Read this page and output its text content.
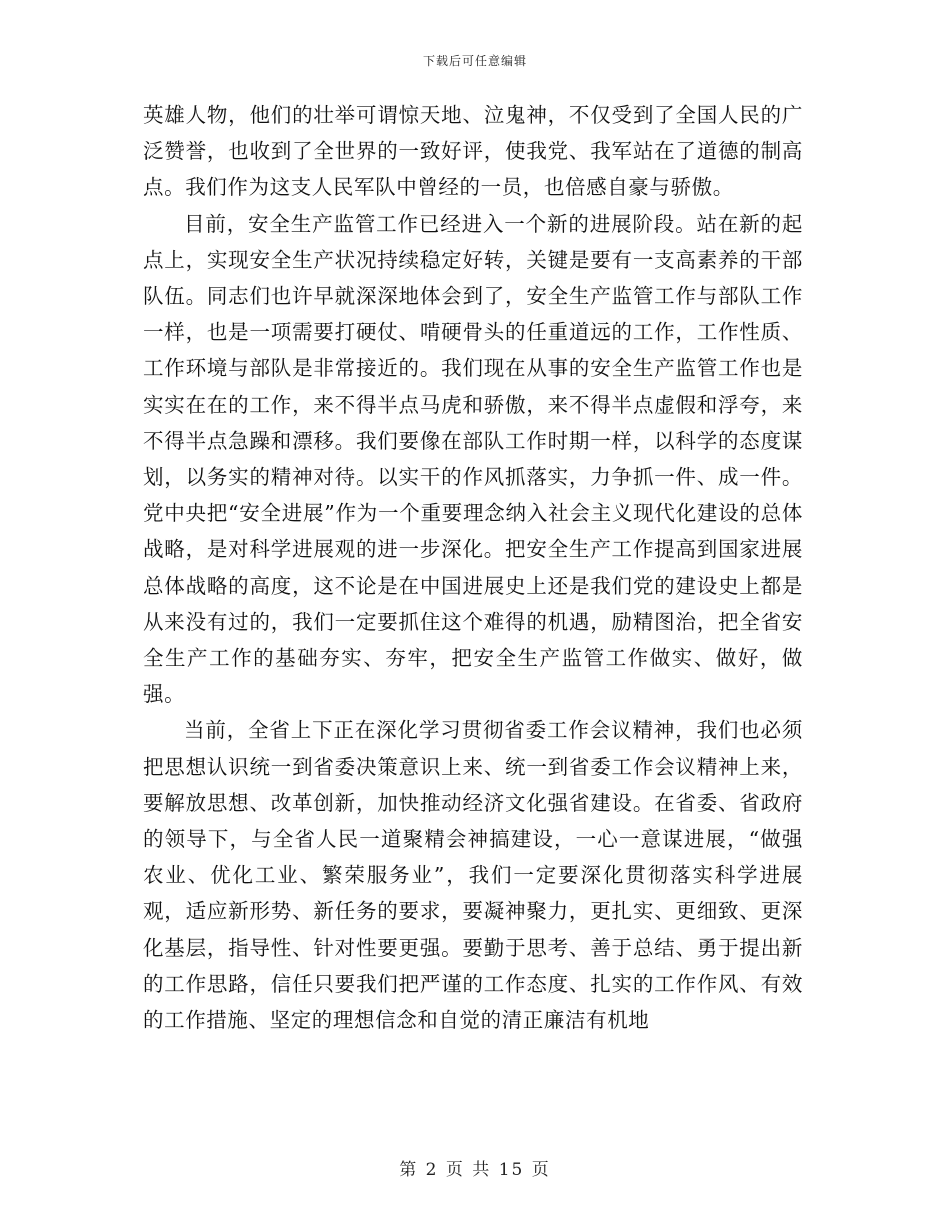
下载后可任意编辑

英雄人物，他们的壮举可谓惊天地、泣鬼神，不仅受到了全国人民的广泛赞誉，也收到了全世界的一致好评，使我党、我军站在了道德的制高点。我们作为这支人民军队中曾经的一员，也倍感自豪与骄傲。

目前，安全生产监管工作已经进入一个新的进展阶段。站在新的起点上，实现安全生产状况持续稳定好转，关键是要有一支高素养的干部队伍。同志们也许早就深深地体会到了，安全生产监管工作与部队工作一样，也是一项需要打硬仗、啃硬骨头的任重道远的工作，工作性质、工作环境与部队是非常接近的。我们现在从事的安全生产监管工作也是实实在在的工作，来不得半点马虎和骄傲，来不得半点虚假和浮夸，来不得半点急躁和漂移。我们要像在部队工作时期一样，以科学的态度谋划，以务实的精神对待。以实干的作风抓落实，力争抓一件、成一件。党中央把“安全进展”作为一个重要理念纳入社会主义现代化建设的总体战略，是对科学进展观的进一步深化。把安全生产工作提高到国家进展总体战略的高度，这不论是在中国进展史上还是我们党的建设史上都是从来没有过的，我们一定要抓住这个难得的机遇，励精图治，把全省安全生产工作的基础夯实、夯牢，把安全生产监管工作做实、做好，做强。

当前，全省上下正在深化学习贯彻省委工作会议精神，我们也必须把思想认识统一到省委决策意识上来、统一到省委工作会议精神上来，要解放思想、改革创新，加快推动经济文化强省建设。在省委、省政府的领导下，与全省人民一道聚精会神搞建设，一心一意谋进展，“做强农业、优化工业、繁荣服务业”，我们一定要深化贯彻落实科学进展观，适应新形势、新任务的要求，要凝神聚力，更扎实、更细致、更深化基层，指导性、针对性要更强。要勤于思考、善于总结、勇于提出新的工作思路，信任只要我们把严谨的工作态度、扎实的工作作风、有效的工作措施、坚定的理想信念和自觉的清正廉洁有机地

第 2 页 共 15 页
